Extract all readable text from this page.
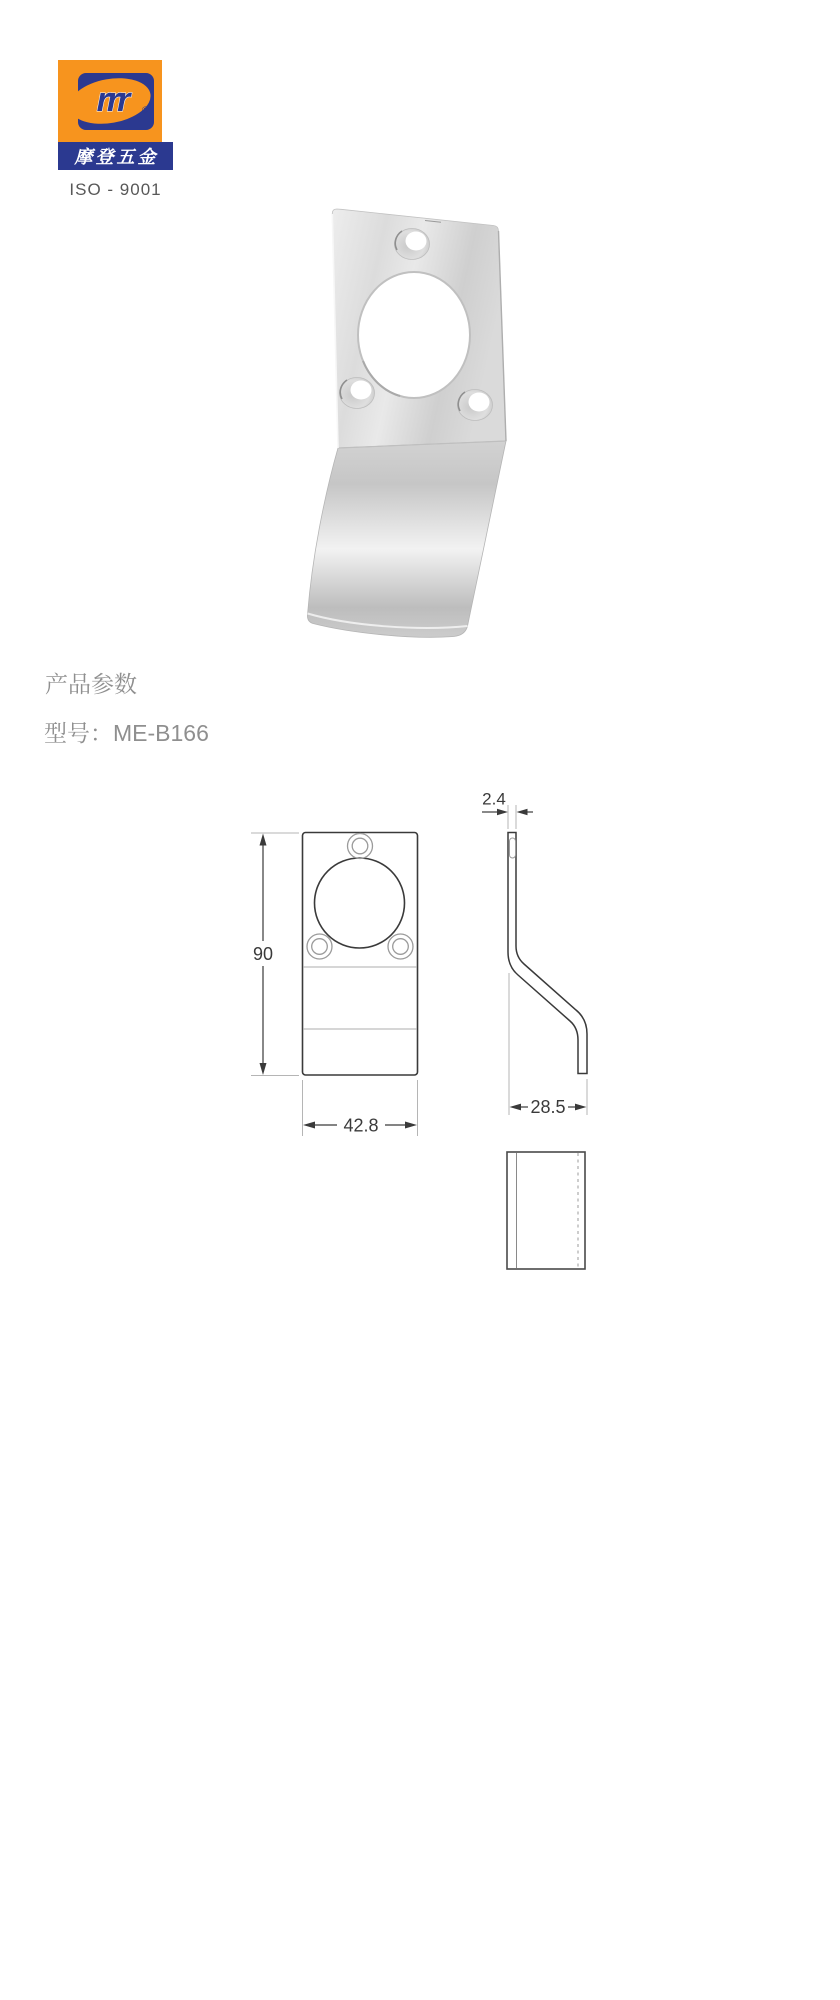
rrr	®
摩登五金
ISO - 9001
产品参数
型号：ME-B166
90
42.8
2.4
28.5
